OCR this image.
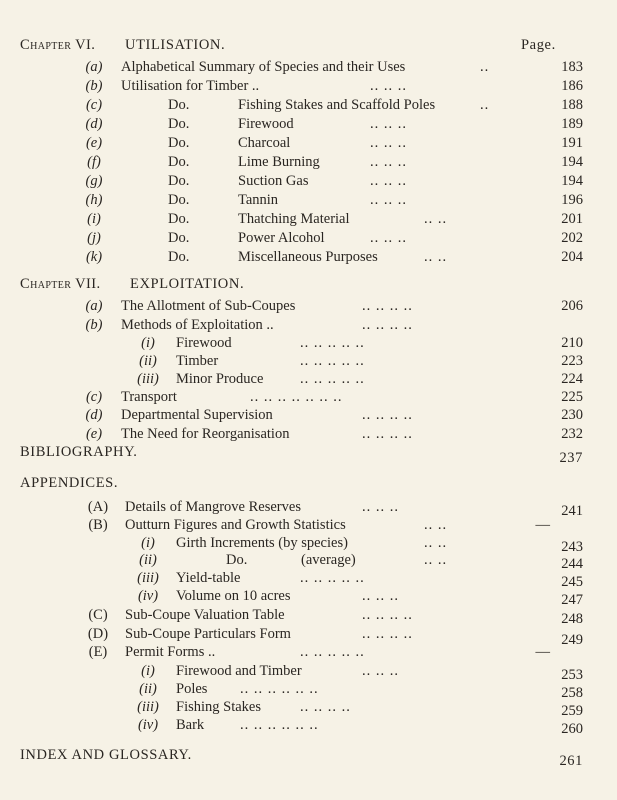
Chapter VI. UTILISATION.	Page.
(a)	Alphabetical Summary of Species and their Uses	..	183
(b)	Utilisation for Timber ..	.. .. ..	186
(c)	Do.	Fishing Stakes and Scaffold Poles	..	188
(d)	Do.	Firewood	.. .. ..	189
(e)	Do.	Charcoal	.. .. ..	191
(f)	Do.	Lime Burning	.. .. ..	194
(g)	Do.	Suction Gas	.. .. ..	194
(h)	Do.	Tannin	.. .. ..	196
(i)	Do.	Thatching Material	.. ..	201
(j)	Do.	Power Alcohol	.. .. ..	202
(k)	Do.	Miscellaneous Purposes	.. ..	204
Chapter VII. EXPLOITATION.
(a)	The Allotment of Sub-Coupes	.. .. .. ..	206
(b)	Methods of Exploitation ..	.. .. .. ..
(i)	Firewood	.. .. .. .. ..	210
(ii)	Timber	.. .. .. .. ..	223
(iii)	Minor Produce	.. .. .. .. ..	224
(c)	Transport	.. .. .. .. .. .. ..	225
(d)	Departmental Supervision	.. .. .. ..	230
(e)	The Need for Reorganisation	.. .. .. ..	232
BIBLIOGRAPHY.	237
APPENDICES.
(A)	Details of Mangrove Reserves	.. .. ..	241
(B)	Outturn Figures and Growth Statistics	.. ..	—
(i)	Girth Increments (by species)	.. ..	243
(ii)	Do.	(average)	.. ..	244
(iii)	Yield-table	.. .. .. .. ..	245
(iv)	Volume on 10 acres	.. .. ..	247
(C)	Sub-Coupe Valuation Table	.. .. .. ..	248
(D)	Sub-Coupe Particulars Form	.. .. .. ..	249
(E)	Permit Forms ..	.. .. .. .. ..	—
(i)	Firewood and Timber	.. .. ..	253
(ii)	Poles .. .. .. .. .. ..	258
(iii)	Fishing Stakes	.. .. .. ..	259
(iv)	Bark .. .. .. .. .. ..	260
INDEX AND GLOSSARY.	261
